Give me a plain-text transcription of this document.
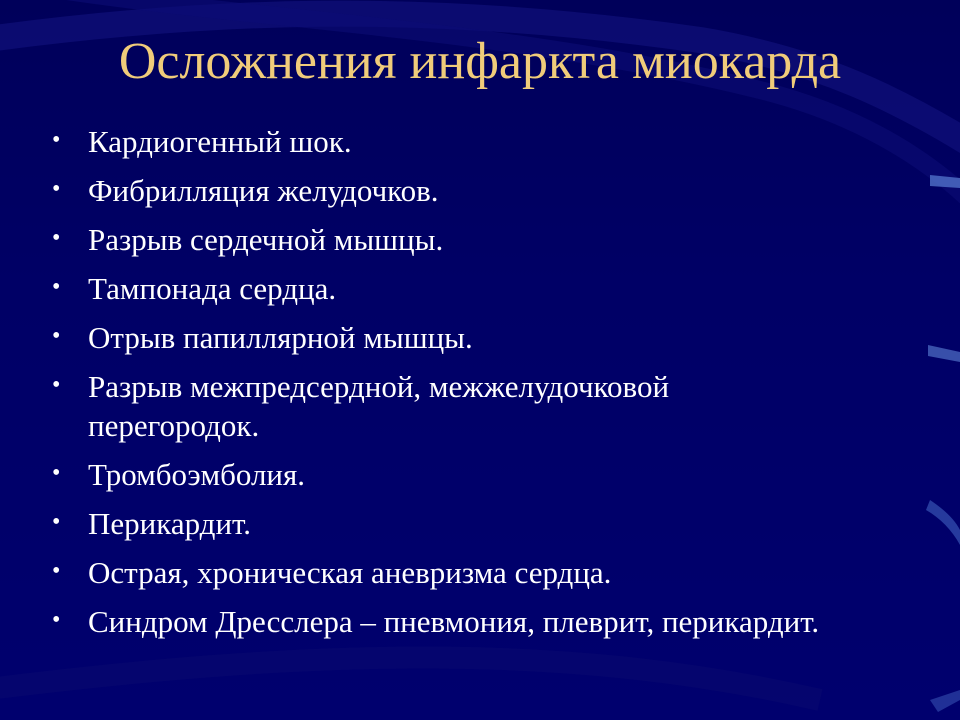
Осложнения инфаркта миокарда
• Кардиогенный шок.
• Фибрилляция желудочков.
• Разрыв сердечной мышцы.
• Тампонада сердца.
• Отрыв папиллярной мышцы.
• Разрыв межпредсердной, межжелудочковой перегородок.
• Тромбоэмболия.
• Перикардит.
• Острая, хроническая аневризма сердца.
• Синдром Дресслера – пневмония, плеврит, перикардит.
